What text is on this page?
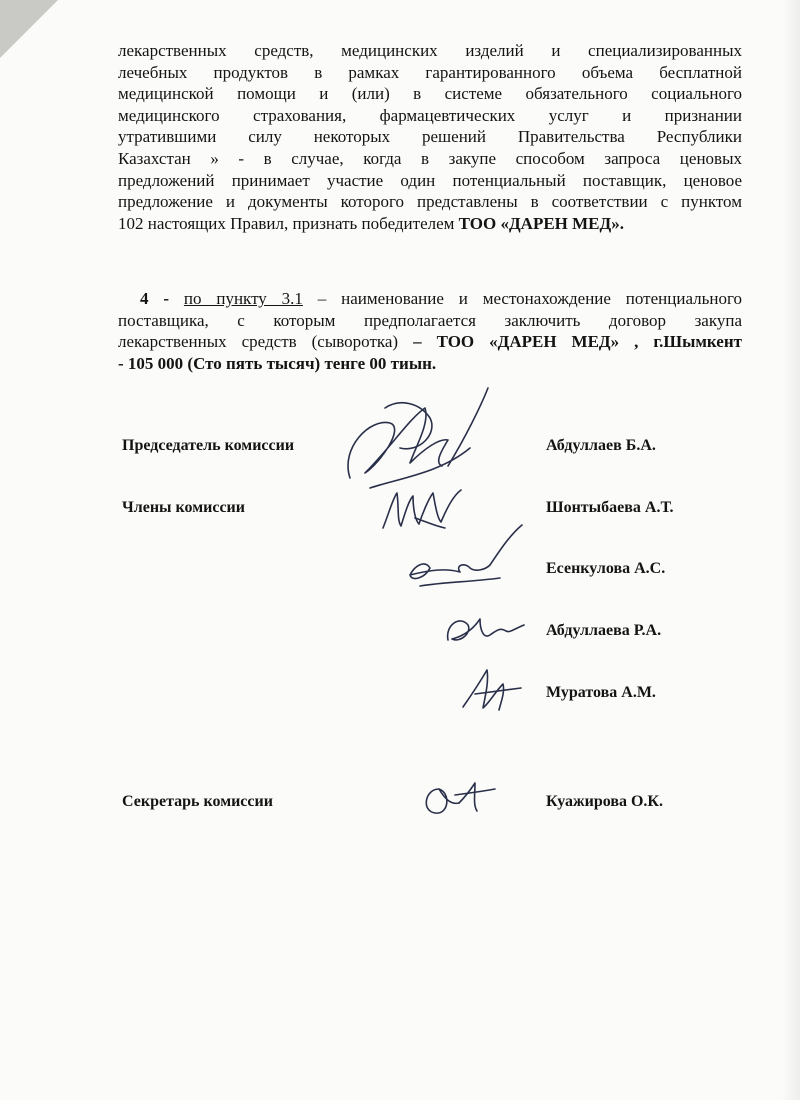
лекарственных средств, медицинских изделий и специализированных
лечебных продуктов в рамках гарантированного объема бесплатной
медицинской помощи и (или) в системе обязательного социального
медицинского страхования, фармацевтических услуг и признании
утратившими силу некоторых решений Правительства Республики
Казахстан » - в случае, когда в закупе способом запроса ценовых
предложений принимает участие один потенциальный поставщик, ценовое
предложение и документы которого представлены в соответствии с пунктом
102 настоящих Правил, признать победителем ТОО «ДАРЕН МЕД».
4 - по пункту 3.1 – наименование и местонахождение потенциального
поставщика, с которым предполагается заключить договор закупа
лекарственных средств (сыворотка) – ТОО «ДАРЕН МЕД» , г.Шымкент
- 105 000 (Сто пять тысяч) тенге 00 тиын.
Председатель комиссии
Члены комиссии
Секретарь комиссии
Абдуллаев Б.А.
Шонтыбаева А.Т.
Есенкулова А.С.
Абдуллаева Р.А.
Муратова А.М.
Куажирова О.К.
